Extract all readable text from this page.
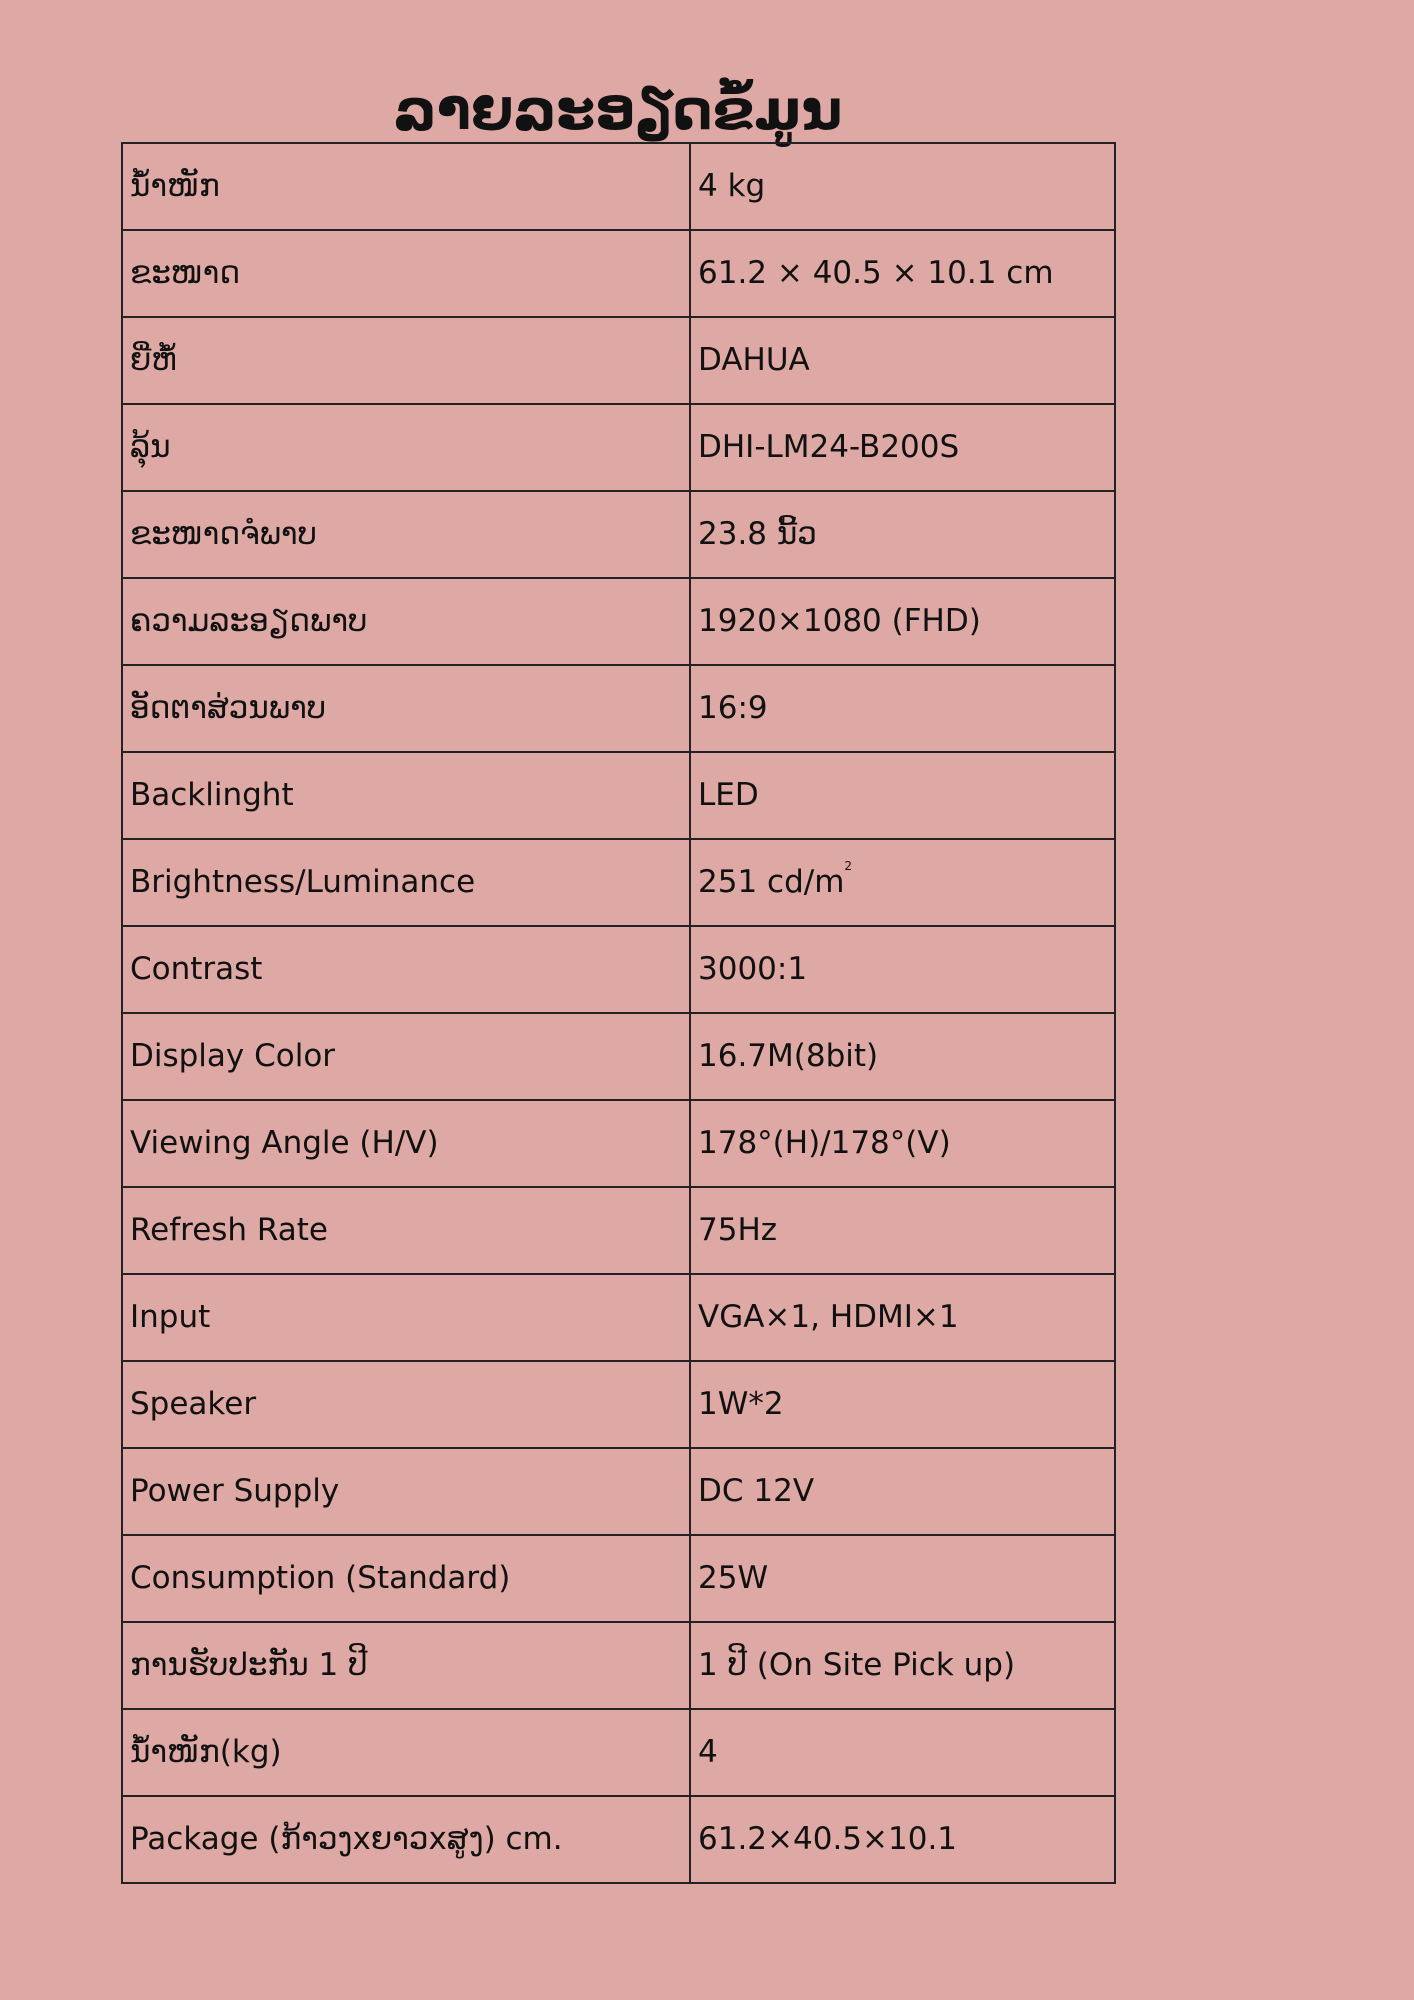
ລາຍລະອຽດຂໍ້ມູນ
ນ້ຳໜັກ	4 kg
ຂະໜາດ	61.2 × 40.5 × 10.1 cm
ຍີ່ຫໍ້	DAHUA
ລຸ້ນ	DHI-LM24-B200S
ຂະໜາດຈໍພາບ	23.8 ນີ້ວ
ຄວາມລະອຽດພາບ	1920×1080 (FHD)
ອັດຕາສ່ວນພາບ	16:9
Backlinght	LED
Brightness/Luminance	251 $cd/m^2$
Contrast	3000:1
Display Color	16.7M(8bit)
Viewing Angle (H/V)	178°(H)/178°(V)
Refresh Rate	75Hz
Input	VGA×1, HDMI×1
Speaker	1W*2
Power Supply	DC 12V
Consumption (Standard)	25W
ການຮັບປະກັນ 1 ປີ	1 ປີ (On Site Pick up)
ນ້ຳໜັກ(kg)	4
Package (ກ້າວງxຍາວxສູງ) cm.	61.2×40.5×10.1
